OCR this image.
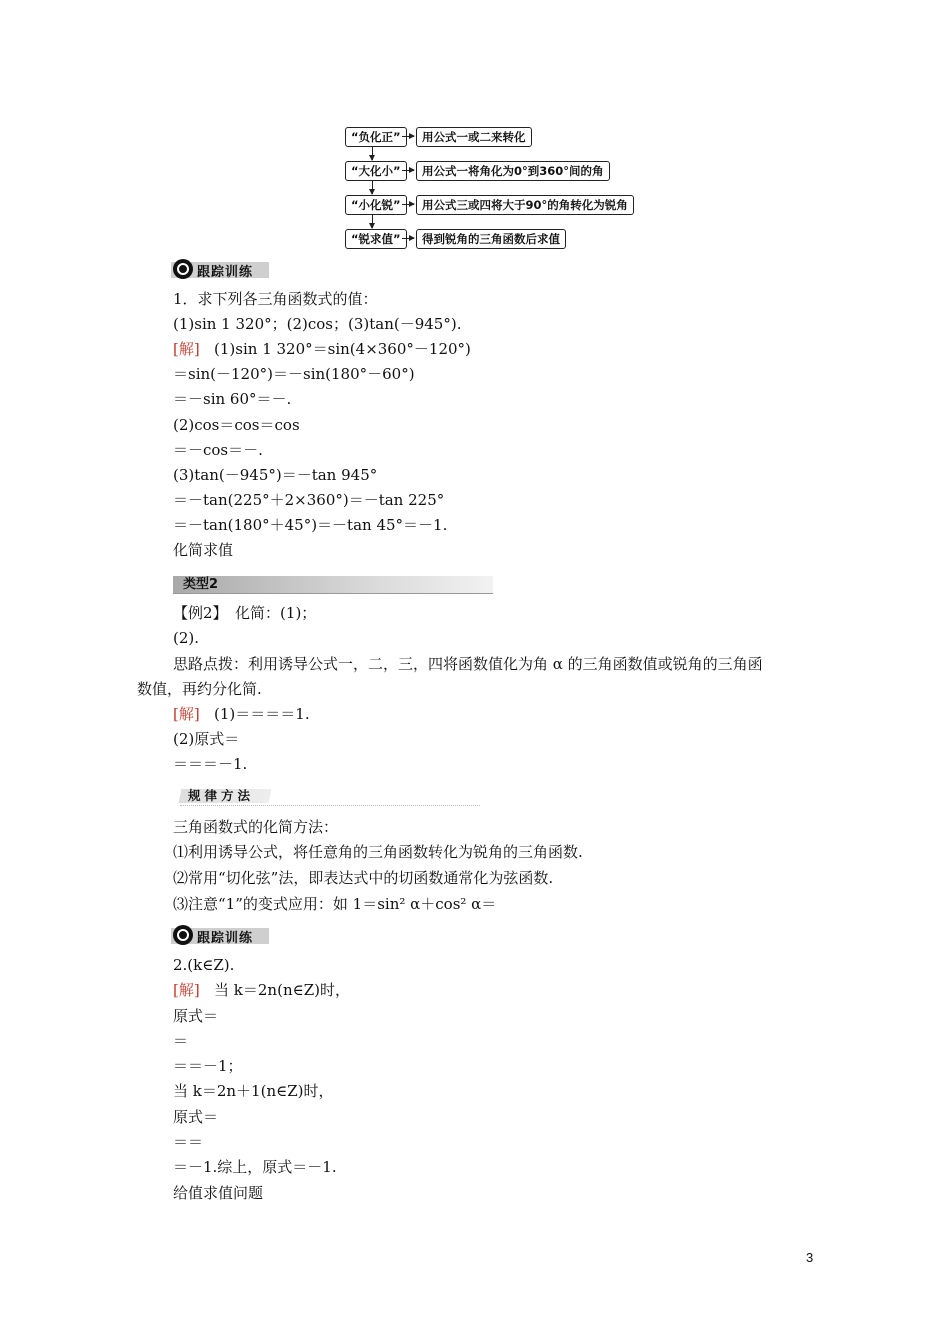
“负化正”	用公式一或二来转化
“大化小”	用公式一将角化为0°到360°间的角
“小化锐”	用公式三或四将大于90°的角转化为锐角
“锐求值”	得到锐角的三角函数后求值
跟踪训练
1．求下列各三角函数式的值：
(1)sin 1 320°；(2)cos；(3)tan(－945°).
[解] (1)sin 1 320°＝sin(4×360°－120°)
＝sin(－120°)＝－sin(180°－60°)
＝－sin 60°＝－.
(2)cos＝cos＝cos
＝－cos＝－.
(3)tan(－945°)＝－tan 945°
＝－tan(225°＋2×360°)＝－tan 225°
＝－tan(180°＋45°)＝－tan 45°＝－1.
化简求值
类型2
【例2】　化简：(1)；
(2).
思路点拨：利用诱导公式一，二，三，四将函数值化为角 α 的三角函数值或锐角的三角函
数值，再约分化简.
[解] (1)＝＝＝＝1.
(2)原式＝
＝＝＝－1.
规律方法
三角函数式的化简方法：
⑴利用诱导公式，将任意角的三角函数转化为锐角的三角函数.
⑵常用“切化弦”法，即表达式中的切函数通常化为弦函数.
⑶注意“1”的变式应用：如 1＝sin² α＋cos² α＝
跟踪训练
2.(k∈Z).
[解] 当 k＝2n(n∈Z)时，
原式＝
＝
＝＝－1；
当 k＝2n＋1(n∈Z)时，
原式＝
＝＝
＝－1.综上，原式＝－1.
给值求值问题
3
